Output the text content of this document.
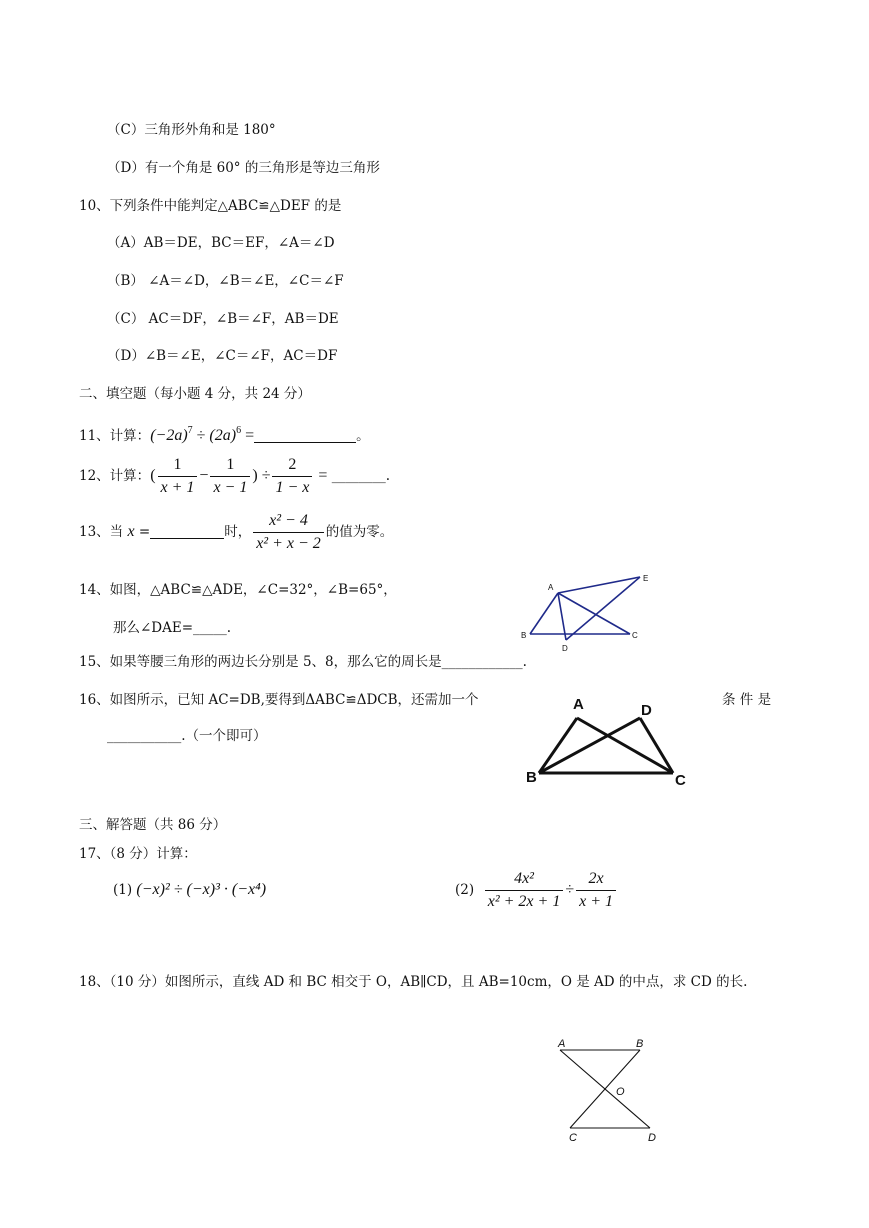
（C）三角形外角和是 180°
（D）有一个角是 60° 的三角形是等边三角形
10、下列条件中能判定△ABC≌△DEF 的是
（A）AB＝DE，BC＝EF，∠A＝∠D
（B） ∠A＝∠D，∠B＝∠E，∠C＝∠F
（C） AC＝DF，∠B＝∠F，AB＝DE
（D）∠B＝∠E，∠C＝∠F，AC＝DF
二、填空题（每小题 4 分，共 24 分）
11、计算：$(-2a)^7 \div (2a)^6$ =	。
12、计算：( $\frac{1}{x + 1} - \frac{1}{x - 1}$ ) ÷ $\frac{2}{1 - x}$ = ________.
13、当 x =	时， $\frac{\text{x² − 4}}{\text{x² + x − 2}}$ 的值为零。
14、如图，△ABC≌△ADE，∠C=32°，∠B=65°，
那么∠DAE=_____.
A
B	C
D
E
15、如果等腰三角形的两边长分别是 5、8，那么它的周长是____________.
16、如图所示，已知 AC=DB,要得到ΔABC≌ΔDCB，还需加一个	条 件 是
___________.（一个即可）
A
B	C
D
三、解答题（共 86 分）
17、（8 分）计算：
(1) (−x)² ÷ (−x)³ · (−x⁴)	$(2) \frac{\text{4x²}}{\text{x² + 2x + 1}} \div \frac{2x}{x + 1}$
18、（10 分）如图所示，直线 AD 和 BC 相交于 O，AB∥CD，且 AB=10cm，O 是 AD 的中点，求 CD 的长.
A	B
C	D
O
